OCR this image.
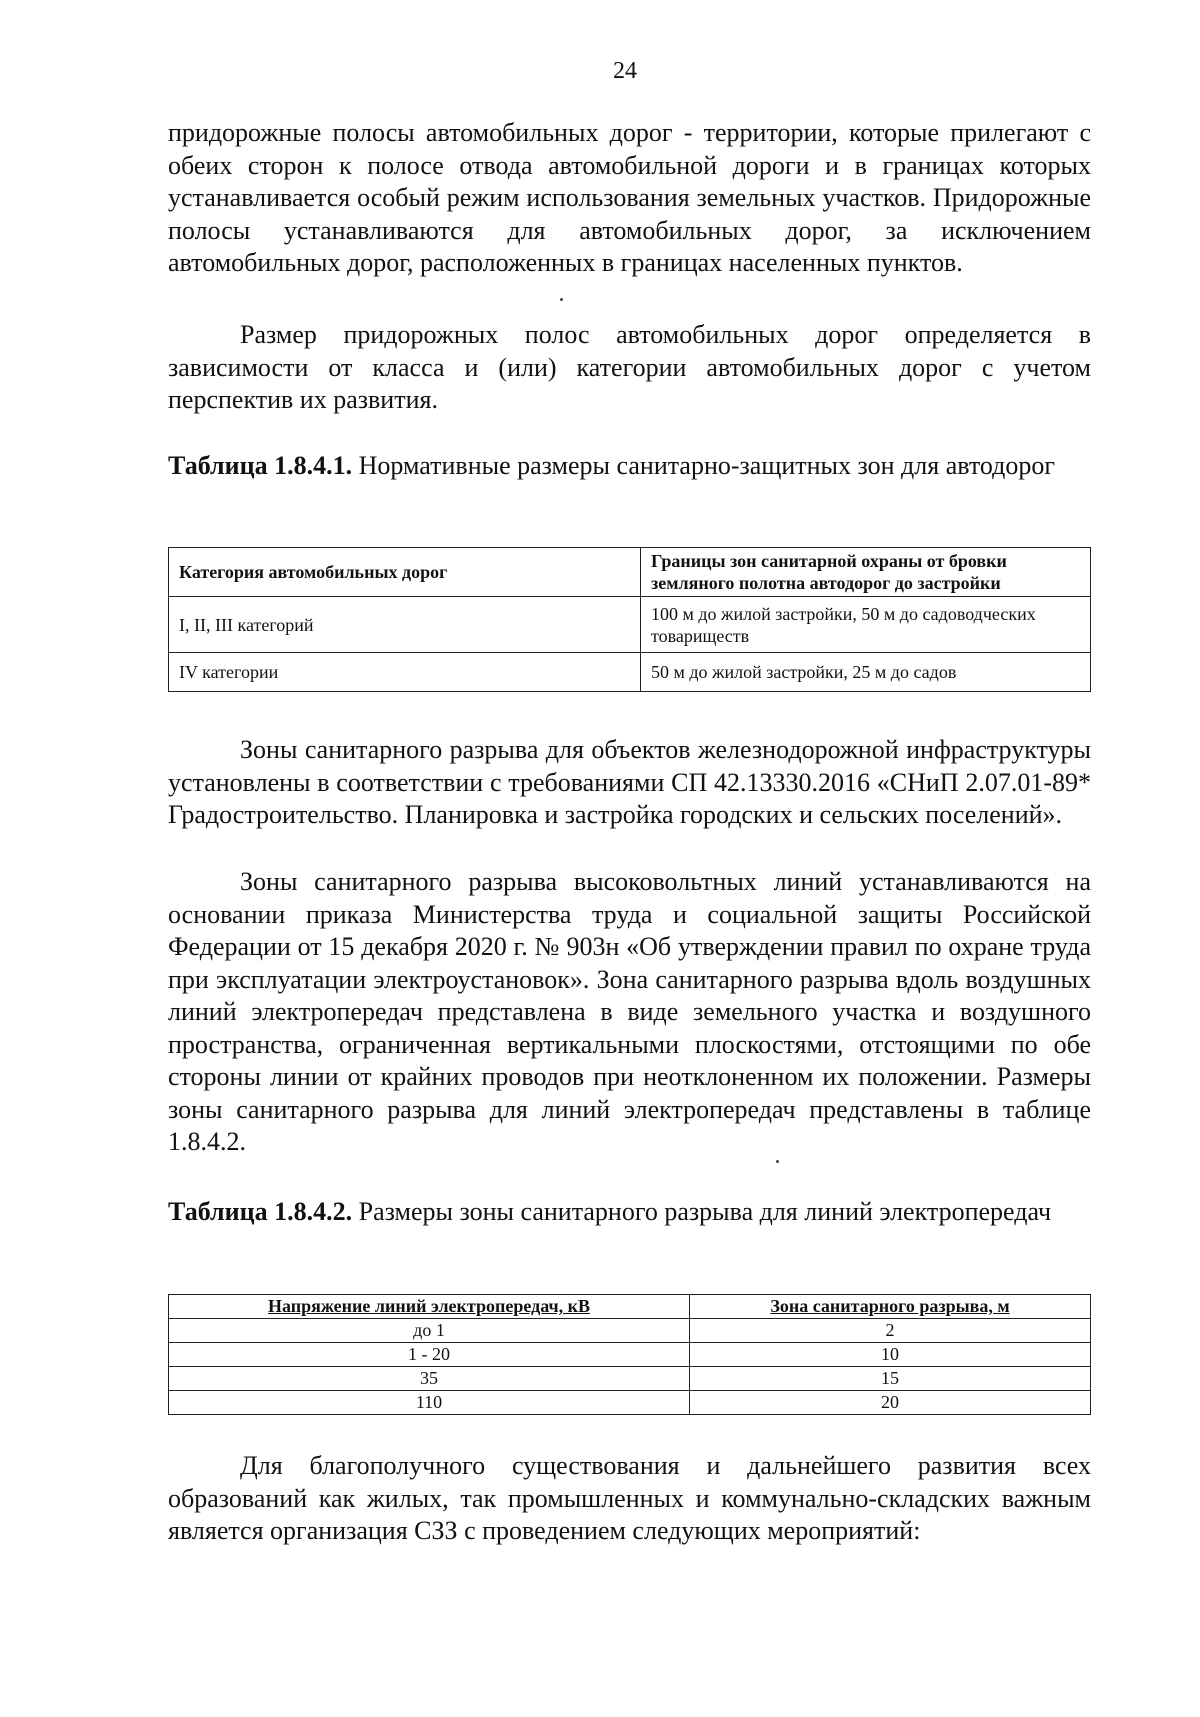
24

придорожные полосы автомобильных дорог - территории, которые прилегают с обеих сторон к полосе отвода автомобильной дороги и в границах которых устанавливается особый режим использования земельных участков. Придорожные полосы устанавливаются для автомобильных дорог, за исключением автомобильных дорог, расположенных в границах населенных пунктов.

Размер придорожных полос автомобильных дорог определяется в зависимости от класса и (или) категории автомобильных дорог с учетом перспектив их развития.

Таблица 1.8.4.1. Нормативные размеры санитарно-защитных зон для автодорог

Категория автомобильных дорог	Границы зон санитарной охраны от бровки земляного полотна автодорог до застройки
I, II, III категорий	100 м до жилой застройки, 50 м до садоводческих товариществ
IV категории	50 м до жилой застройки, 25 м до садов

Зоны санитарного разрыва для объектов железнодорожной инфраструктуры установлены в соответствии с требованиями СП 42.13330.2016 «СНиП 2.07.01-89* Градостроительство. Планировка и застройка городских и сельских поселений».

Зоны санитарного разрыва высоковольтных линий устанавливаются на основании приказа Министерства труда и социальной защиты Российской Федерации от 15 декабря 2020 г. № 903н «Об утверждении правил по охране труда при эксплуатации электроустановок». Зона санитарного разрыва вдоль воздушных линий электропередач представлена в виде земельного участка и воздушного пространства, ограниченная вертикальными плоскостями, отстоящими по обе стороны линии от крайних проводов при неотклоненном их положении. Размеры зоны санитарного разрыва для линий электропередач представлены в таблице 1.8.4.2.

Таблица 1.8.4.2. Размеры зоны санитарного разрыва для линий электропередач

Напряжение линий электропередач, кВ	Зона санитарного разрыва, м
до 1	2
1 - 20	10
35	15
110	20

Для благополучного существования и дальнейшего развития всех образований как жилых, так промышленных и коммунально-складских важным является организация СЗЗ с проведением следующих мероприятий:
